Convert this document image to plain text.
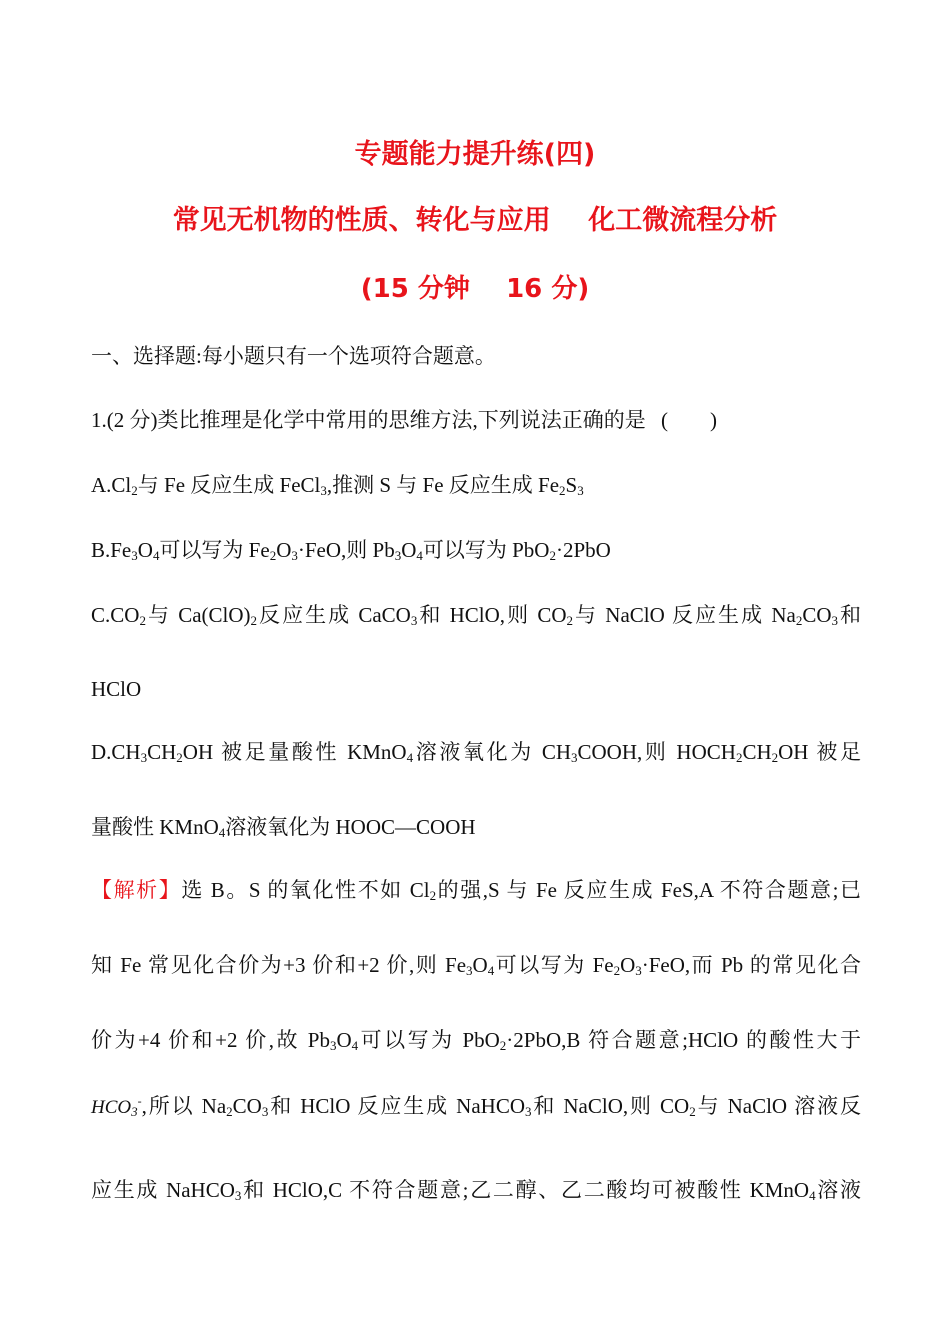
专题能力提升练(四)
常见无机物的性质、转化与应用    化工微流程分析
(15 分钟    16 分)
一、选择题:每小题只有一个选项符合题意。
1.(2 分)类比推理是化学中常用的思维方法,下列说法正确的是 (        )
$A.Cl_2$与 Fe 反应生成 FeCl$_3$,推测 S 与 Fe 反应生成 $Fe_2S_3$
$B.Fe_3O_4$可以写为 $Fe_2O_3\cdot FeO$,则 $Pb_3O_4$可以写为 PbO$_2$·2PbO
$C.CO_2$与 $Ca(ClO)_2$反应生成 CaCO$_3$和 HClO,则 $CO_2$与 NaClO 反应生成 $Na_2CO_3$和
HClO
$D.CH_3CH_2OH$ 被足量酸性 KMnO$_4$溶液氧化为 $CH_3COOH$,则 $HOCH_2CH_2OH$ 被足
量酸性 KMnO$_4$溶液氧化为 HOOC—COOH
【解析】选 B。S 的氧化性不如 $Cl_2$的强,S 与 Fe 反应生成 FeS,A 不符合题意;已
知 Fe 常见化合价为+3 价和+2 价,则 $Fe_3O_4$可以写为 $Fe_2O_3\cdot FeO$,而 Pb 的常见化合
价为+4 价和+2 价,故 $Pb_3O_4$可以写为 PbO$_2$·2PbO,B 符合题意;HClO 的酸性大于
$HCO_3^-$,所以 $Na_2CO_3$和 HClO 反应生成 NaHCO$_3$和 NaClO,则 $CO_2$与 NaClO 溶液反
应生成 NaHCO$_3$和 HClO,C 不符合题意;乙二醇、乙二酸均可被酸性 KMnO$_4$溶液
